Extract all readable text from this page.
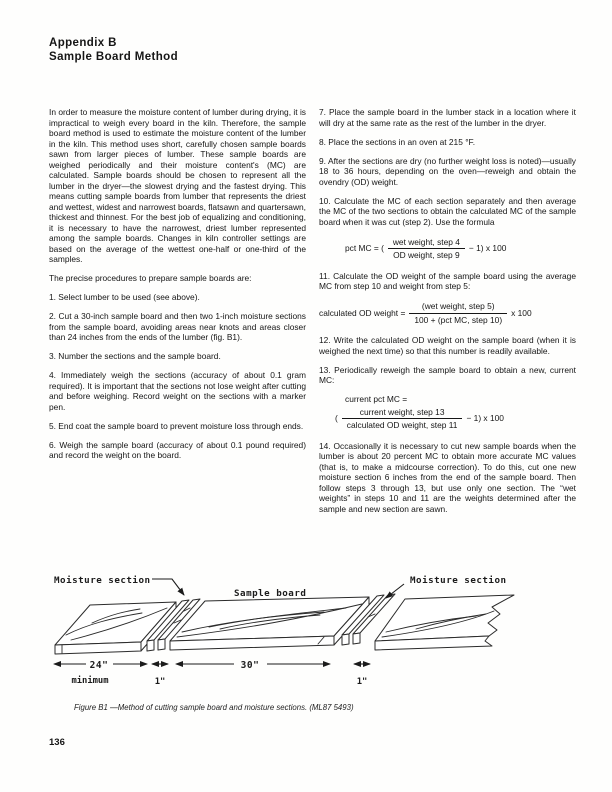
Appendix B
Sample Board Method

In order to measure the moisture content of lumber during drying, it is impractical to weigh every board in the kiln. Therefore, the sample board method is used to estimate the moisture content of the lumber in the kiln. This method uses short, carefully chosen sample boards sawn from larger pieces of lumber. These sample boards are weighed periodically and their moisture content's (MC) are calculated. Sample boards should be chosen to represent all the lumber in the dryer—the slowest drying and the fastest drying. This means cutting sample boards from lumber that represents the driest and wettest, widest and narrowest boards, flatsawn and quartersawn, thickest and thinnest. For the best job of equalizing and conditioning, it is necessary to have the narrowest, driest lumber represented among the sample boards. Changes in kiln controller settings are based on the average of the wettest one-half or one-third of the samples.

The precise procedures to prepare sample boards are:

1. Select lumber to be used (see above).

2. Cut a 30-inch sample board and then two 1-inch moisture sections from the sample board, avoiding areas near knots and areas closer than 24 inches from the ends of the lumber (fig. B1).

3. Number the sections and the sample board.

4. Immediately weigh the sections (accuracy of about 0.1 gram required). It is important that the sections not lose weight after cutting and before weighing. Record weight on the sections with a marker pen.

5. End coat the sample board to prevent moisture loss through ends.

6. Weigh the sample board (accuracy of about 0.1 pound required) and record the weight on the board.

7. Place the sample board in the lumber stack in a location where it will dry at the same rate as the rest of the lumber in the dryer.

8. Place the sections in an oven at 215 °F.

9. After the sections are dry (no further weight loss is noted)—usually 18 to 36 hours, depending on the oven—reweigh and obtain the ovendry (OD) weight.

10. Calculate the MC of each section separately and then average the MC of the two sections to obtain the calculated MC of the sample board when it was cut (step 2). Use the formula

pct MC = ( $\frac{\text{wet weight, step 4}}{\text{OD weight, step 9}} - 1$) x 100

11. Calculate the OD weight of the sample board using the average MC from step 10 and weight from step 5:

calculated OD weight = $\frac{\text{(wet weight, step 5)}}{\text{100 + (pct MC, step 10)}}$ x 100

12. Write the calculated OD weight on the sample board (when it is weighed the next time) so that this number is readily available.

13. Periodically reweigh the sample board to obtain a new, current MC:

current pct MC =
( $\frac{\text{current weight, step 13}}{\text{calculated OD weight, step 11}} - 1$) x 100

14. Occasionally it is necessary to cut new sample boards when the lumber is about 20 percent MC to obtain more accurate MC values (that is, to make a midcourse correction). To do this, cut one new moisture section 6 inches from the end of the sample board. Then follow steps 3 through 13, but use only one section. The “wet weights” in steps 10 and 11 are the weights determined after the sample and new section are sawn.

Moisture section
Sample board
Moisture section
24"
minimum	1"
30"
1"
Figure B1 —Method of cutting sample board and moisture sections. (ML87 5493)
136
